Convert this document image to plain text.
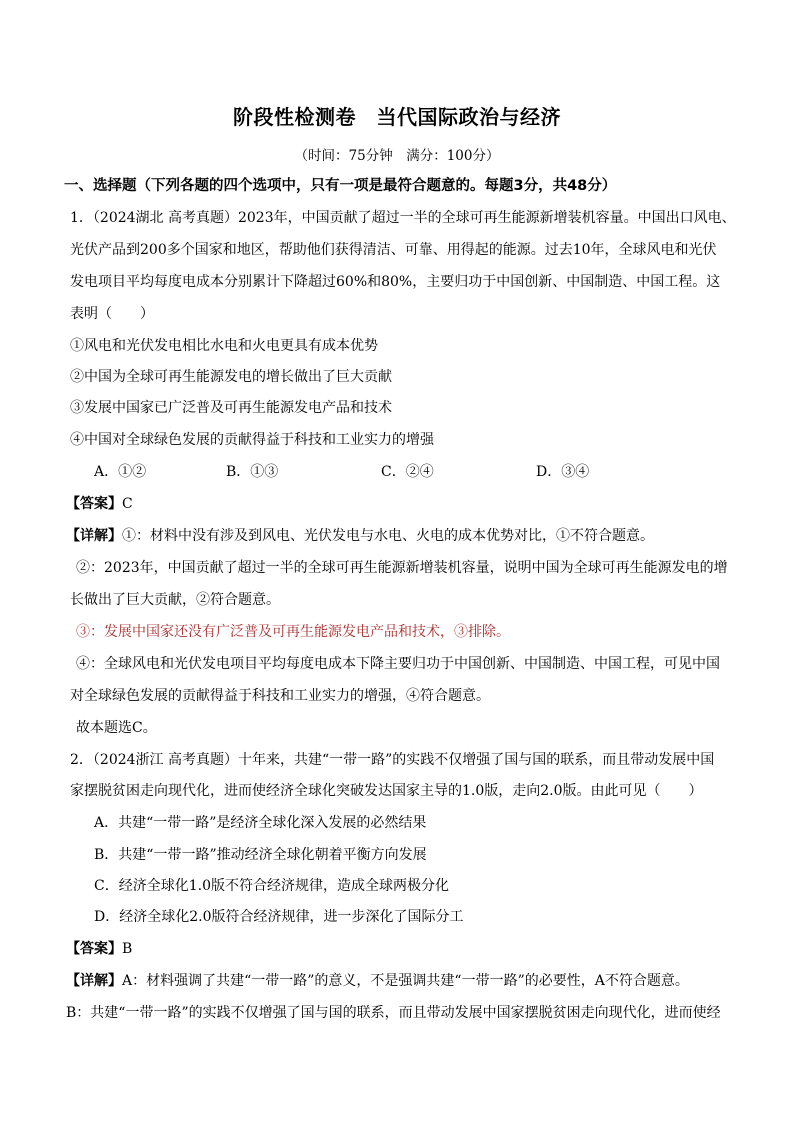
阶段性检测卷　当代国际政治与经济
（时间：75分钟　满分：100分）
一、选择题（下列各题的四个选项中，只有一项是最符合题意的。每题3分，共48分）
1．（2024湖北 高考真题）2023年，中国贡献了超过一半的全球可再生能源新增装机容量。中国出口风电、
光伏产品到200多个国家和地区，帮助他们获得清洁、可靠、用得起的能源。过去10年，全球风电和光伏
发电项目平均每度电成本分别累计下降超过60%和80%，主要归功于中国创新、中国制造、中国工程。这
表明（　　）
①风电和光伏发电相比水电和火电更具有成本优势
②中国为全球可再生能源发电的增长做出了巨大贡献
③发展中国家已广泛普及可再生能源发电产品和技术
④中国对全球绿色发展的贡献得益于科技和工业实力的增强
A．①②	B．①③	C．②④	D．③④
【答案】C
【详解】①：材料中没有涉及到风电、光伏发电与水电、火电的成本优势对比，①不符合题意。
②：2023年，中国贡献了超过一半的全球可再生能源新增装机容量，说明中国为全球可再生能源发电的增
长做出了巨大贡献，②符合题意。
③：发展中国家还没有广泛普及可再生能源发电产品和技术，③排除。
④：全球风电和光伏发电项目平均每度电成本下降主要归功于中国创新、中国制造、中国工程，可见中国
对全球绿色发展的贡献得益于科技和工业实力的增强，④符合题意。
故本题选C。
2．（2024浙江 高考真题）十年来，共建“一带一路”的实践不仅增强了国与国的联系，而且带动发展中国
家摆脱贫困走向现代化，进而使经济全球化突破发达国家主导的1.0版，走向2.0版。由此可见（　　）
A．共建“一带一路”是经济全球化深入发展的必然结果
B．共建“一带一路”推动经济全球化朝着平衡方向发展
C．经济全球化1.0版不符合经济规律，造成全球两极分化
D．经济全球化2.0版符合经济规律，进一步深化了国际分工
【答案】B
【详解】A：材料强调了共建“一带一路”的意义，不是强调共建“一带一路”的必要性，A不符合题意。
B：共建“一带一路”的实践不仅增强了国与国的联系，而且带动发展中国家摆脱贫困走向现代化，进而使经
